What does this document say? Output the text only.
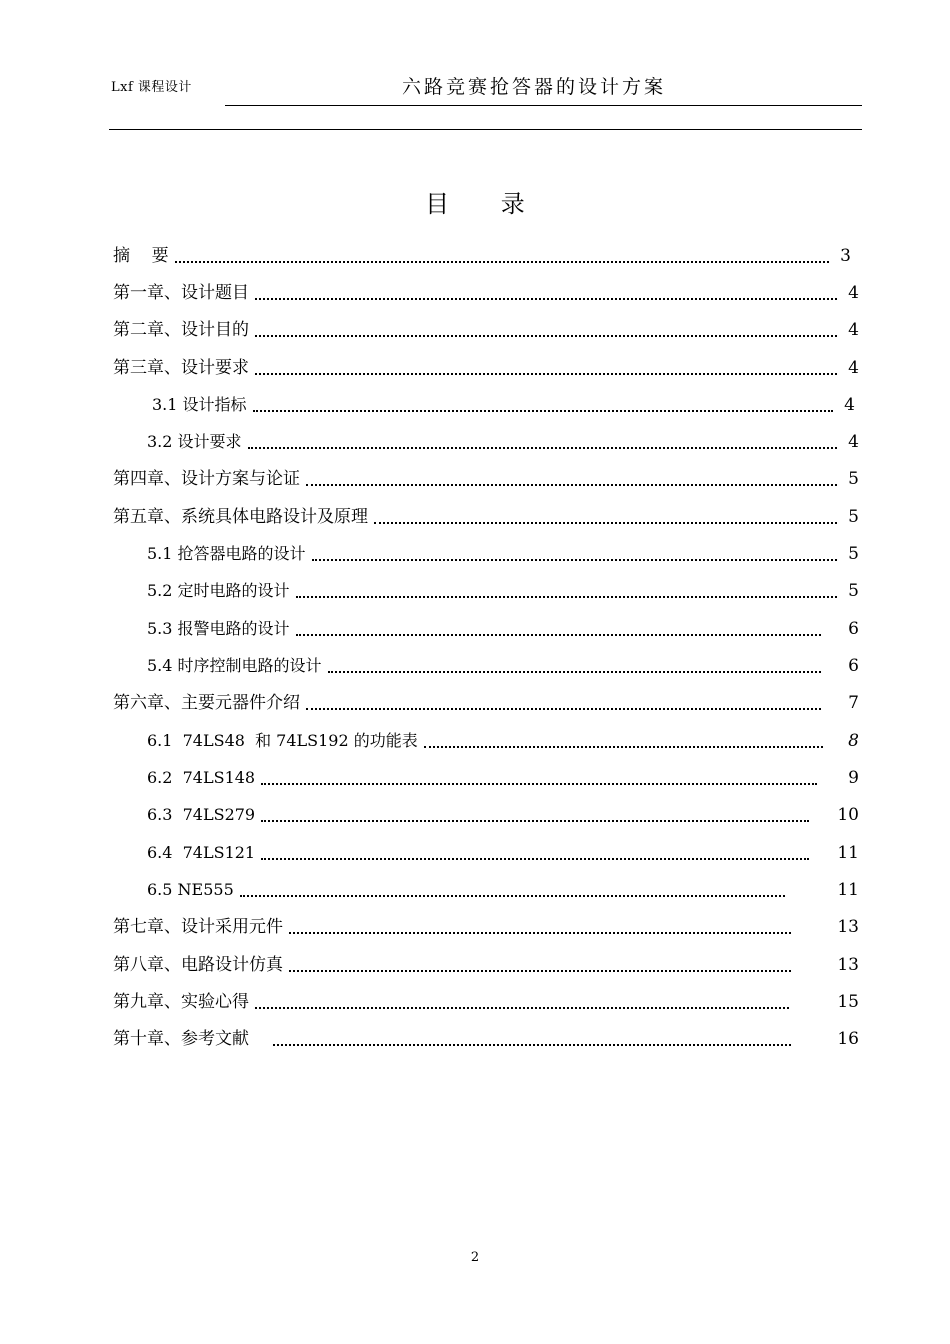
Lxf 课程设计	六路竞赛抢答器的设计方案
目 录
摘    要	3
第一章、设计题目	4
第二章、设计目的	4
第三章、设计要求	4
3.1 设计指标	4
3.2 设计要求	4
第四章、设计方案与论证	5
第五章、系统具体电路设计及原理	5
5.1 抢答器电路的设计	5
5.2 定时电路的设计	5
5.3 报警电路的设计	6
5.4 时序控制电路的设计	6
第六章、主要元器件介绍	7
6.1  74LS48  和 74LS192 的功能表	8
6.2  74LS148	9
6.3  74LS279	10
6.4  74LS121	11
6.5 NE555	11
第七章、设计采用元件	13
第八章、电路设计仿真	13
第九章、实验心得	15
第十章、参考文献	16
2
